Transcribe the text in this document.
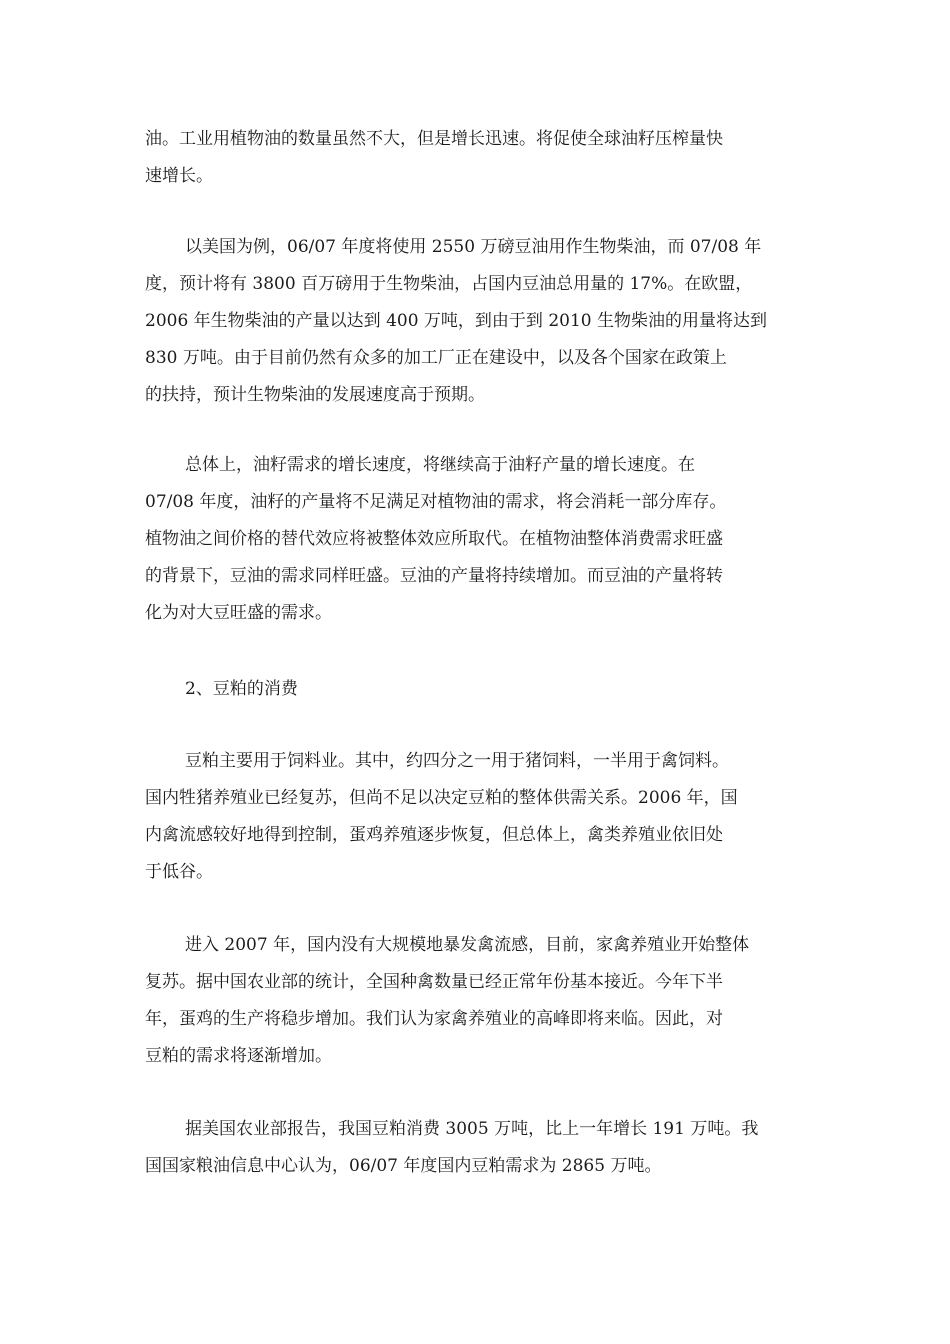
油。工业用植物油的数量虽然不大，但是增长迅速。将促使全球油籽压榨量快
速增长。
以美国为例，06/07 年度将使用 2550 万磅豆油用作生物柴油，而 07/08 年
度，预计将有 3800 百万磅用于生物柴油，占国内豆油总用量的 17%。在欧盟，
2006 年生物柴油的产量以达到 400 万吨，到由于到 2010 生物柴油的用量将达到
830 万吨。由于目前仍然有众多的加工厂正在建设中，以及各个国家在政策上
的扶持，预计生物柴油的发展速度高于预期。
总体上，油籽需求的增长速度，将继续高于油籽产量的增长速度。在
07/08 年度，油籽的产量将不足满足对植物油的需求，将会消耗一部分库存。
植物油之间价格的替代效应将被整体效应所取代。在植物油整体消费需求旺盛
的背景下，豆油的需求同样旺盛。豆油的产量将持续增加。而豆油的产量将转
化为对大豆旺盛的需求。
2、豆粕的消费
豆粕主要用于饲料业。其中，约四分之一用于猪饲料，一半用于禽饲料。
国内牲猪养殖业已经复苏，但尚不足以决定豆粕的整体供需关系。2006 年，国
内禽流感较好地得到控制，蛋鸡养殖逐步恢复，但总体上，禽类养殖业依旧处
于低谷。
进入 2007 年，国内没有大规模地暴发禽流感，目前，家禽养殖业开始整体
复苏。据中国农业部的统计，全国种禽数量已经正常年份基本接近。今年下半
年，蛋鸡的生产将稳步增加。我们认为家禽养殖业的高峰即将来临。因此，对
豆粕的需求将逐渐增加。
据美国农业部报告，我国豆粕消费 3005 万吨，比上一年增长 191 万吨。我
国国家粮油信息中心认为，06/07 年度国内豆粕需求为 2865 万吨。
